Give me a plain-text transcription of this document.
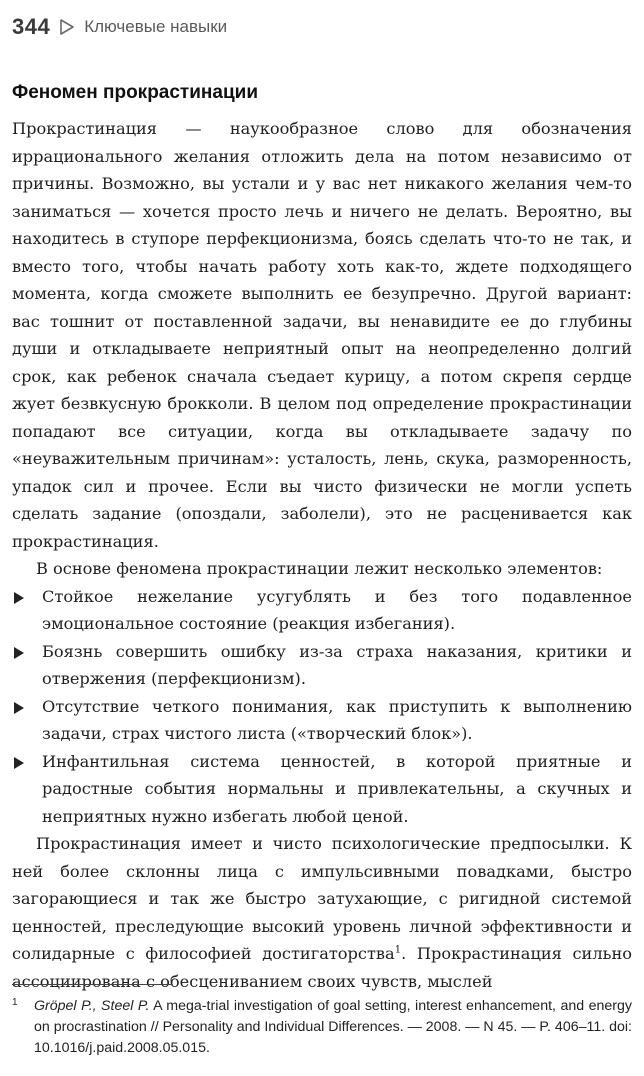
344 Ключевые навыки
Феномен прокрастинации

Прокрастинация — наукообразное слово для обозначения иррационального желания отложить дела на потом независимо от причины. Возможно, вы устали и у вас нет никакого желания чем-то заниматься — хочется просто лечь и ничего не делать. Вероятно, вы находитесь в ступоре перфекционизма, боясь сделать что-то не так, и вместо того, чтобы начать работу хоть как-то, ждете подходящего момента, когда сможете выполнить ее безупречно. Другой вариант: вас тошнит от поставленной задачи, вы ненавидите ее до глубины души и откладываете неприятный опыт на неопределенно долгий срок, как ребенок сначала съедает курицу, а потом скрепя сердце жует безвкусную брокколи. В целом под определение прокрастинации попадают все ситуации, когда вы откладываете задачу по «неуважительным причинам»: усталость, лень, скука, разморенность, упадок сил и прочее. Если вы чисто физически не могли успеть сделать задание (опоздали, заболели), это не расценивается как прокрастинация.

В основе феномена прокрастинации лежит несколько элементов:

Стойкое нежелание усугублять и без того подавленное эмоциональное состояние (реакция избегания).
Боязнь совершить ошибку из-за страха наказания, критики и отвержения (перфекционизм).
Отсутствие четкого понимания, как приступить к выполнению задачи, страх чистого листа («творческий блок»).
Инфантильная система ценностей, в которой приятные и радостные события нормальны и привлекательны, а скучных и неприятных нужно избегать любой ценой.

Прокрастинация имеет и чисто психологические предпосылки. К ней более склонны лица с импульсивными повадками, быстро загорающиеся и так же быстро затухающие, с ригидной системой ценностей, преследующие высокий уровень личной эффективности и солидарные с философией достигаторства$^1$. Прокрастинация сильно ассоциирована с обесцениванием своих чувств, мыслей

1	Gröpel P., Steel P. A mega-trial investigation of goal setting, interest enhancement, and energy on procrastination // Personality and Individual Differences. — 2008. — N 45. — P. 406–11. doi: 10.1016/j.paid.2008.05.015.
